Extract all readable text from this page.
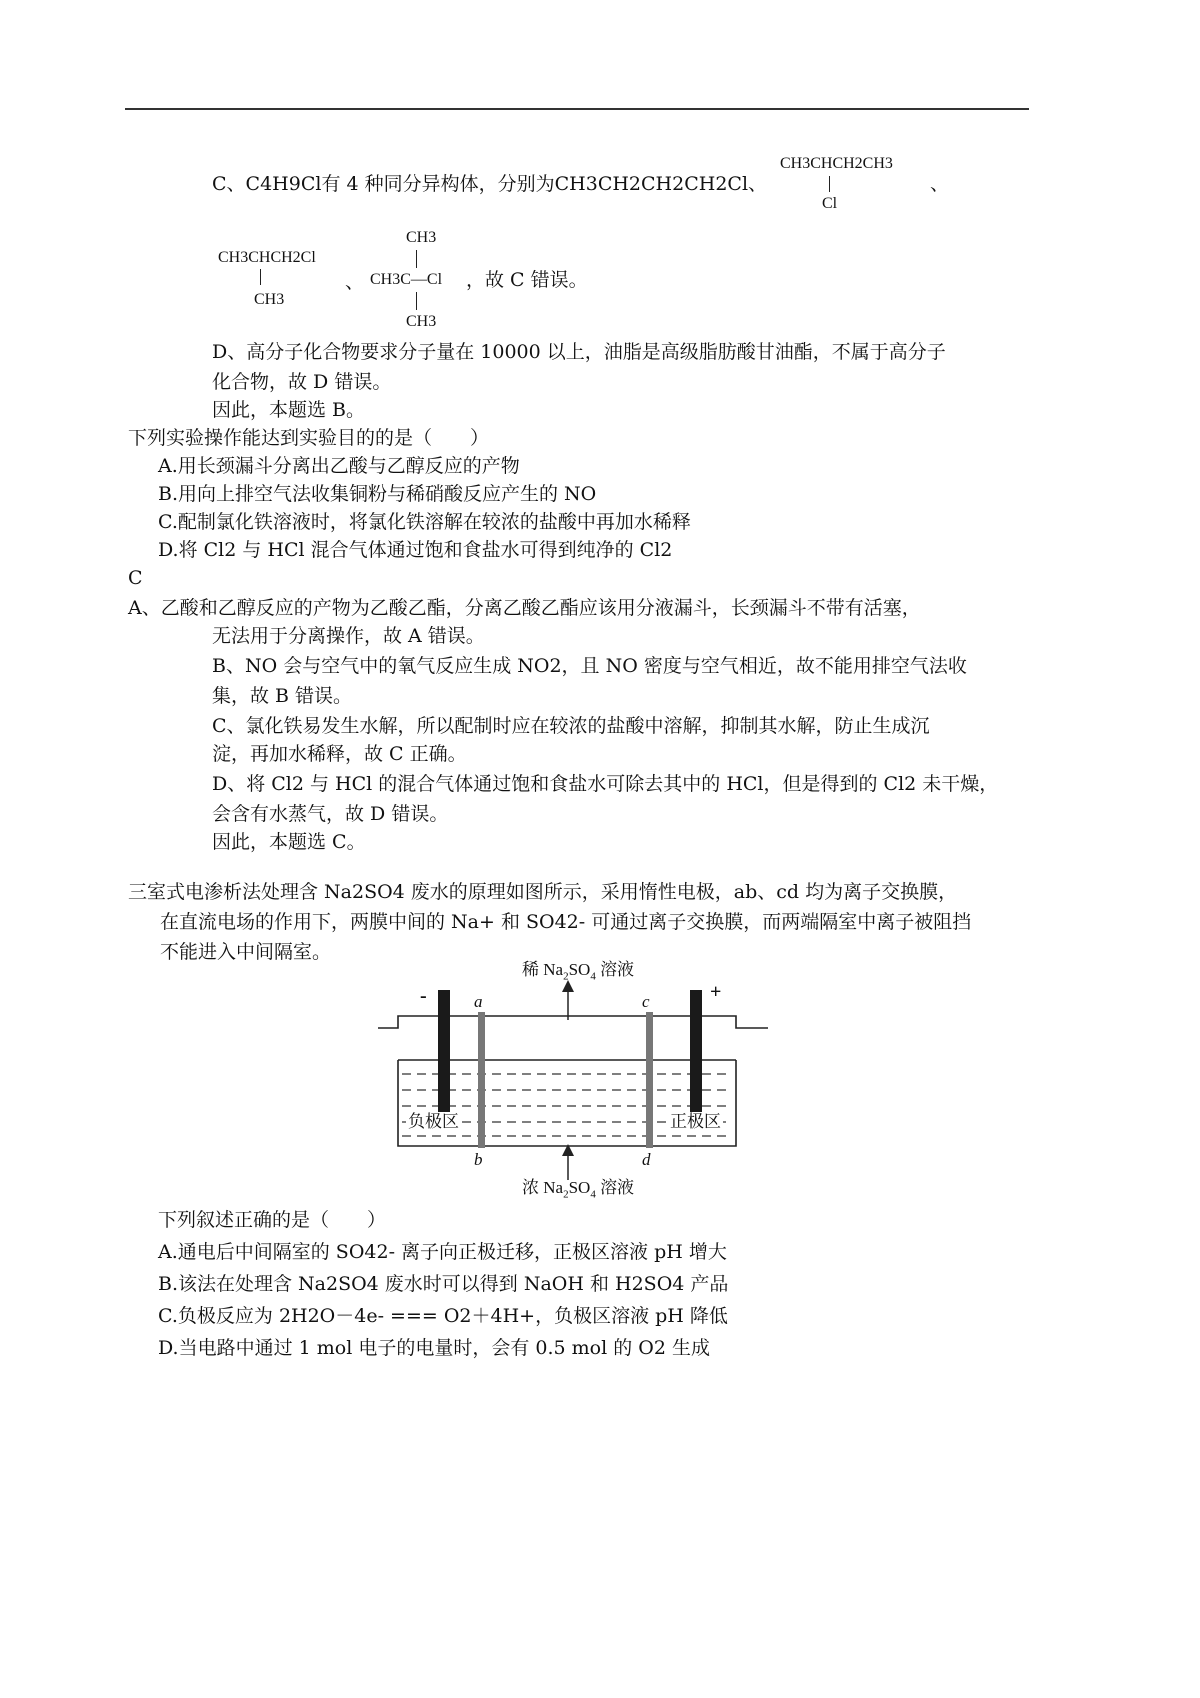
C、C4H9Cl有 4 种同分异构体，分别为CH3CH2CH2CH2Cl、
CH3CHCH2CH3
Cl
、
CH3CHCH2Cl
CH3
、
CH3
CH3C—Cl
CH3
，故 C 错误。
D、高分子化合物要求分子量在 10000 以上，油脂是高级脂肪酸甘油酯，不属于高分子
化合物，故 D 错误。
因此，本题选 B。
下列实验操作能达到实验目的的是（　　）
A.用长颈漏斗分离出乙酸与乙醇反应的产物
B.用向上排空气法收集铜粉与稀硝酸反应产生的 NO
C.配制氯化铁溶液时，将氯化铁溶解在较浓的盐酸中再加水稀释
D.将 Cl2 与 HCl 混合气体通过饱和食盐水可得到纯净的 Cl2
C
A、乙酸和乙醇反应的产物为乙酸乙酯，分离乙酸乙酯应该用分液漏斗，长颈漏斗不带有活塞，
无法用于分离操作，故 A 错误。
B、NO 会与空气中的氧气反应生成 NO2，且 NO 密度与空气相近，故不能用排空气法收
集，故 B 错误。
C、氯化铁易发生水解，所以配制时应在较浓的盐酸中溶解，抑制其水解，防止生成沉
淀，再加水稀释，故 C 正确。
D、将 Cl2 与 HCl 的混合气体通过饱和食盐水可除去其中的 HCl，但是得到的 Cl2 未干燥，
会含有水蒸气，故 D 错误。
因此，本题选 C。
三室式电渗析法处理含 Na2SO4 废水的原理如图所示，采用惰性电极，ab、cd 均为离子交换膜，
在直流电场的作用下，两膜中间的 Na+ 和 SO42- 可通过离子交换膜，而两端隔室中离子被阻挡
不能进入中间隔室。
稀 $Na_2SO_4$ 溶液
-	+
a	c
b	d
负极区	正极区
浓 $Na_2SO_4$ 溶液
下列叙述正确的是（　　）
A.通电后中间隔室的 SO42- 离子向正极迁移，正极区溶液 pH 增大
B.该法在处理含 Na2SO4 废水时可以得到 NaOH 和 H2SO4 产品
C.负极反应为 2H2O－4e- === O2＋4H+，负极区溶液 pH 降低
D.当电路中通过 1 mol 电子的电量时，会有 0.5 mol 的 O2 生成
